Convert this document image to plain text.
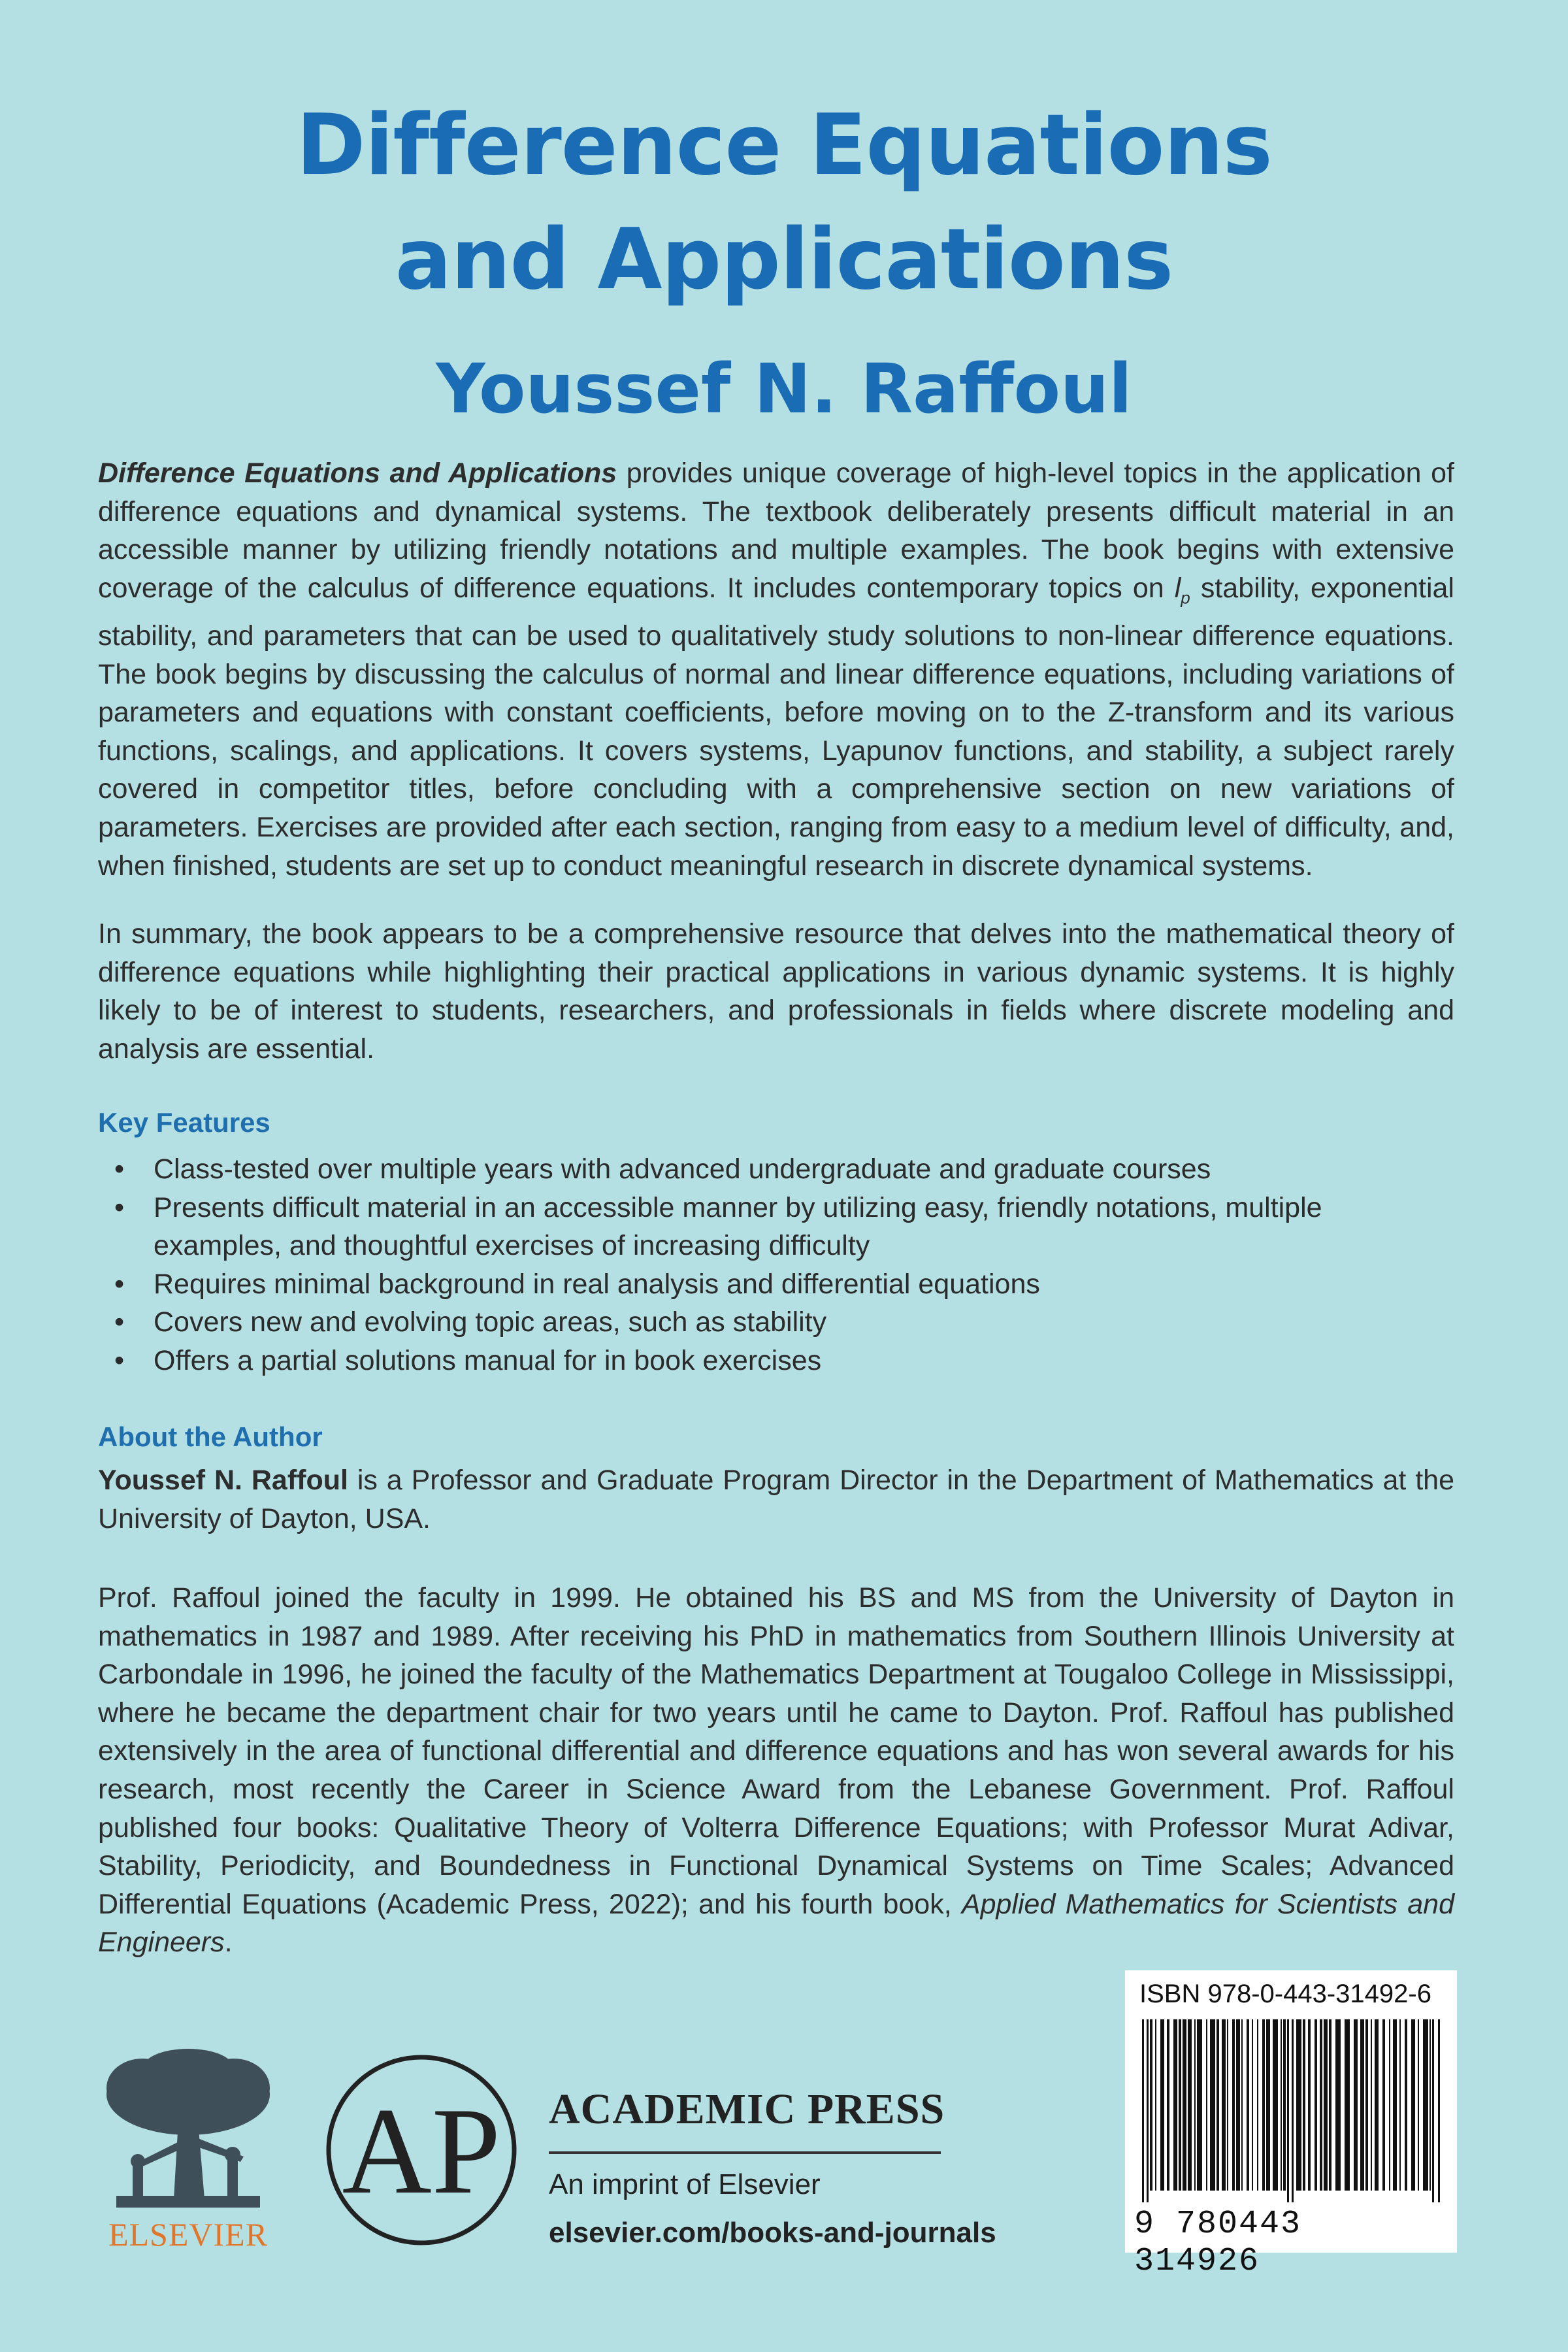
Difference Equations
and Applications
Youssef N. Raffoul
Difference Equations and Applications provides unique coverage of high-level topics in the application of difference equations and dynamical systems. The textbook deliberately presents difficult material in an accessible manner by utilizing friendly notations and multiple examples. The book begins with extensive coverage of the calculus of difference equations. It includes contemporary topics on $l_p$ stability, exponential stability, and parameters that can be used to qualitatively study solutions to non-linear difference equations. The book begins by discussing the calculus of normal and linear difference equations, including variations of parameters and equations with constant coefficients, before moving on to the Z-transform and its various functions, scalings, and applications. It covers systems, Lyapunov functions, and stability, a subject rarely covered in competitor titles, before concluding with a comprehensive section on new variations of parameters. Exercises are provided after each section, ranging from easy to a medium level of difficulty, and, when finished, students are set up to conduct meaningful research in discrete dynamical systems.
In summary, the book appears to be a comprehensive resource that delves into the mathematical theory of difference equations while highlighting their practical applications in various dynamic systems. It is highly likely to be of interest to students, researchers, and professionals in fields where discrete modeling and analysis are essential.
Key Features
• Class-tested over multiple years with advanced undergraduate and graduate courses
• Presents difficult material in an accessible manner by utilizing easy, friendly notations, multiple examples, and thoughtful exercises of increasing difficulty
• Requires minimal background in real analysis and differential equations
• Covers new and evolving topic areas, such as stability
• Offers a partial solutions manual for in book exercises
About the Author
Youssef N. Raffoul is a Professor and Graduate Program Director in the Department of Mathematics at the University of Dayton, USA.
Prof. Raffoul joined the faculty in 1999. He obtained his BS and MS from the University of Dayton in mathematics in 1987 and 1989. After receiving his PhD in mathematics from Southern Illinois University at Carbondale in 1996, he joined the faculty of the Mathematics Department at Tougaloo College in Mississippi, where he became the department chair for two years until he came to Dayton. Prof. Raffoul has published extensively in the area of functional differential and difference equations and has won several awards for his research, most recently the Career in Science Award from the Lebanese Government. Prof. Raffoul published four books: Qualitative Theory of Volterra Difference Equations; with Professor Murat Adivar, Stability, Periodicity, and Boundedness in Functional Dynamical Systems on Time Scales; Advanced Differential Equations (Academic Press, 2022); and his fourth book, Applied Mathematics for Scientists and Engineers.
ISBN 978-0-443-31492-6
9 780443 314926
ELSEVIER
AP ACADEMIC PRESS
An imprint of Elsevier
elsevier.com/books-and-journals
